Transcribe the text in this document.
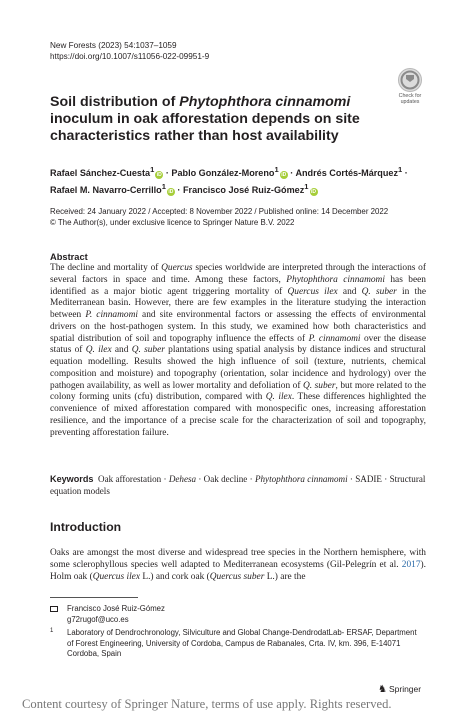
New Forests (2023) 54:1037–1059
https://doi.org/10.1007/s11056-022-09951-9
Check for updates
Soil distribution of Phytophthora cinnamomi inoculum in oak afforestation depends on site characteristics rather than host availability
Rafael Sánchez-Cuesta$^1$iD · Pablo González-Moreno$^1$iD · Andrés Cortés-Márquez$^1$ ·
Rafael M. Navarro-Cerrillo$^1$iD · Francisco José Ruiz-Gómez$^1$iD
Received: 24 January 2022 / Accepted: 8 November 2022 / Published online: 14 December 2022
© The Author(s), under exclusive licence to Springer Nature B.V. 2022
Abstract
The decline and mortality of Quercus species worldwide are interpreted through the interactions of several factors in space and time. Among these factors, Phytophthora cinnamomi has been identified as a major biotic agent triggering mortality of Quercus ilex and Q. suber in the Mediterranean basin. However, there are few examples in the literature studying the interaction between P. cinnamomi and site environmental factors or assessing the effects of environmental drivers on the host-pathogen system. In this study, we examined how both characteristics and spatial distribution of soil and topography influence the effects of P. cinnamomi over the disease status of Q. ilex and Q. suber plantations using spatial analysis by distance indices and structural equation modelling. Results showed the high influence of soil (texture, nutrients, chemical composition and moisture) and topography (orientation, solar incidence and hydrology) over the pathogen availability, as well as lower mortality and defoliation of Q. suber, but more related to the colony forming units (cfu) distribution, compared with Q. ilex. These differences highlighted the convenience of mixed afforestation compared with monospecific ones, increasing afforestation resilience, and the importance of a precise scale for the characterization of soil and topography, preventing afforestation failure.
Keywords Oak afforestation · Dehesa · Oak decline · Phytophthora cinnamomi · SADIE · Structural equation models
Introduction
Oaks are amongst the most diverse and widespread tree species in the Northern hemisphere, with some sclerophyllous species well adapted to Mediterranean ecosystems (Gil-Pelegrín et al. 2017). Holm oak (Quercus ilex L.) and cork oak (Quercus suber L.) are the
Francisco José Ruiz-Gómez
g72rugof@uco.es
1 Laboratory of Dendrochronology, Silviculture and Global Change-DendrodatLab- ERSAF, Department of Forest Engineering, University of Cordoba, Campus de Rabanales, Crta. IV, km. 396, E-14071 Cordoba, Spain
♞ Springer
Content courtesy of Springer Nature, terms of use apply. Rights reserved.
